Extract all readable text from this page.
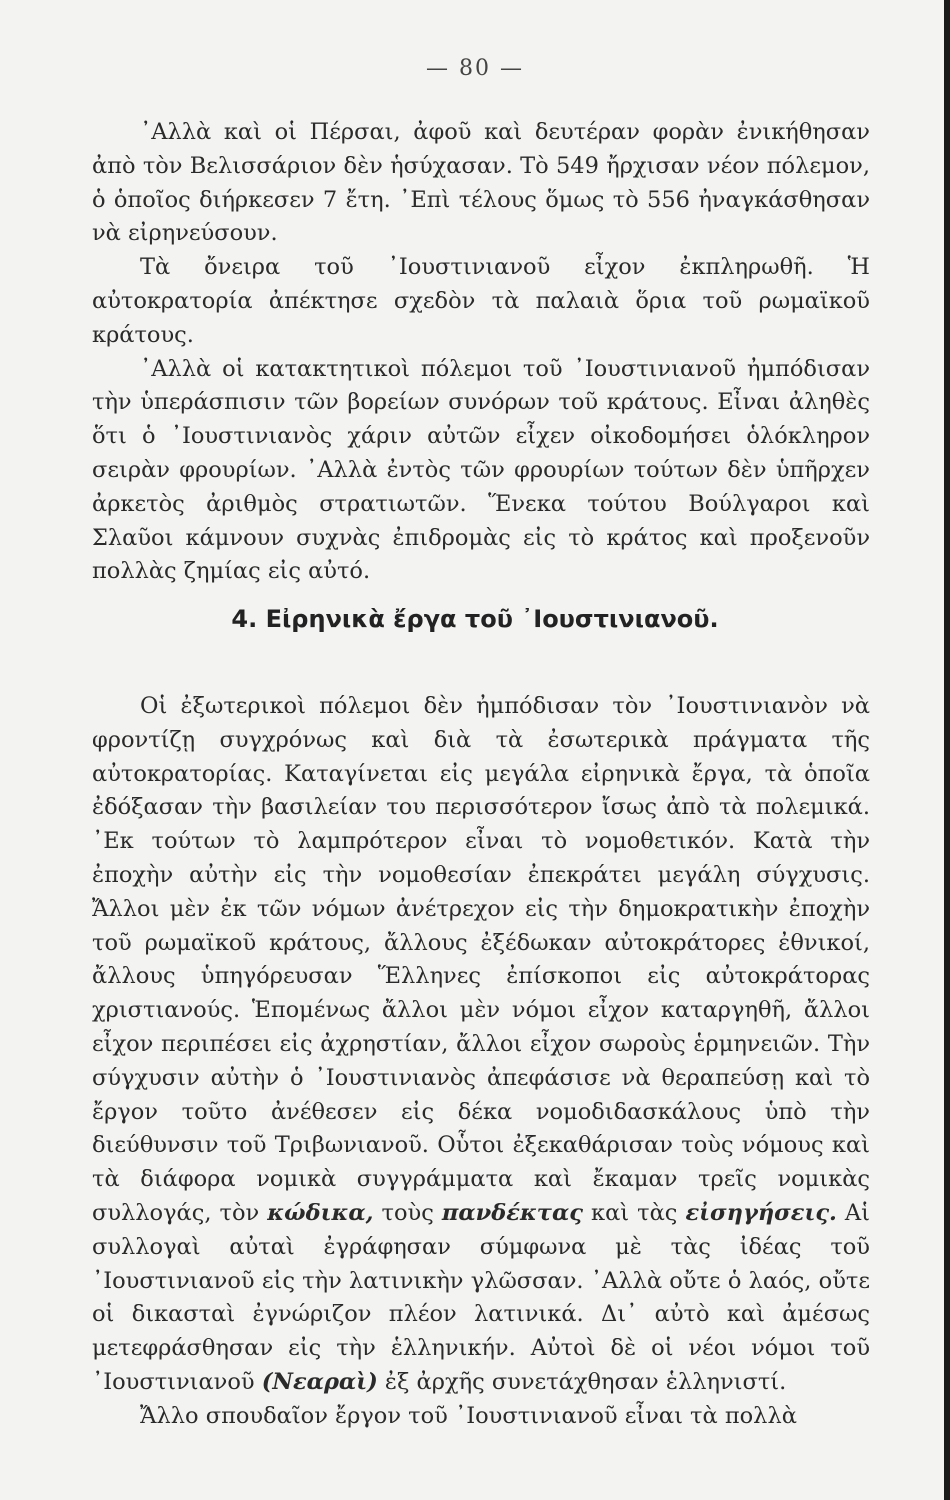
— 80 —

᾿Αλλὰ καὶ οἱ Πέρσαι, ἀφοῦ καὶ δευτέραν φορὰν ἐνικήθησαν ἀπὸ τὸν Βελισσάριον δὲν ἡσύχασαν. Τὸ 549 ἤρχισαν νέον πόλεμον, ὁ ὁποῖος διήρκεσεν 7 ἔτη. ᾿Επὶ τέλους ὅμως τὸ 556 ἠναγκάσθησαν νὰ εἰρηνεύσουν.

Τὰ ὄνειρα τοῦ ᾿Ιουστινιανοῦ εἶχον ἐκπληρωθῆ. Ἡ αὐτοκρατορία ἀπέκτησε σχεδὸν τὰ παλαιὰ ὅρια τοῦ ρωμαϊκοῦ κράτους.

᾿Αλλὰ οἱ κατακτητικοὶ πόλεμοι τοῦ ᾿Ιουστινιανοῦ ἠμπόδισαν τὴν ὑπεράσπισιν τῶν βορείων συνόρων τοῦ κράτους. Εἶναι ἀληθὲς ὅτι ὁ ᾿Ιουστινιανὸς χάριν αὐτῶν εἶχεν οἰκοδομήσει ὁλόκληρον σειρὰν φρουρίων. ᾿Αλλὰ ἐντὸς τῶν φρουρίων τούτων δὲν ὑπῆρχεν ἀρκετὸς ἀριθμὸς στρατιωτῶν. Ἕνεκα τούτου Βούλγαροι καὶ Σλαῦοι κάμνουν συχνὰς ἐπιδρομὰς εἰς τὸ κράτος καὶ προξενοῦν πολλὰς ζημίας εἰς αὐτό.

4. Εἰρηνικὰ ἔργα τοῦ ᾿Ιουστινιανοῦ.

Οἱ ἐξωτερικοὶ πόλεμοι δὲν ἠμπόδισαν τὸν ᾿Ιουστινιανὸν νὰ φροντίζῃ συγχρόνως καὶ διὰ τὰ ἐσωτερικὰ πράγματα τῆς αὐτοκρατορίας. Καταγίνεται εἰς μεγάλα εἰρηνικὰ ἔργα, τὰ ὁποῖα ἐδόξασαν τὴν βασιλείαν του περισσότερον ἴσως ἀπὸ τὰ πολεμικά. ᾿Εκ τούτων τὸ λαμπρότερον εἶναι τὸ νομοθετικόν. Κατὰ τὴν ἐποχὴν αὐτὴν εἰς τὴν νομοθεσίαν ἐπεκράτει μεγάλη σύγχυσις. Ἄλλοι μὲν ἐκ τῶν νόμων ἀνέτρεχον εἰς τὴν δημοκρατικὴν ἐποχὴν τοῦ ρωμαϊκοῦ κράτους, ἄλλους ἐξέδωκαν αὐτοκράτορες ἐθνικοί, ἄλλους ὑπηγόρευσαν Ἕλληνες ἐπίσκοποι εἰς αὐτοκράτορας χριστιανούς. Ἑπομένως ἄλλοι μὲν νόμοι εἶχον καταργηθῆ, ἄλλοι εἶχον περιπέσει εἰς ἀχρηστίαν, ἄλλοι εἶχον σωροὺς ἑρμηνειῶν. Τὴν σύγχυσιν αὐτὴν ὁ ᾿Ιουστινιανὸς ἀπεφάσισε νὰ θεραπεύσῃ καὶ τὸ ἔργον τοῦτο ἀνέθεσεν εἰς δέκα νομοδιδασκάλους ὑπὸ τὴν διεύθυνσιν τοῦ Τριβωνιανοῦ. Οὗτοι ἐξεκαθάρισαν τοὺς νόμους καὶ τὰ διάφορα νομικὰ συγγράμματα καὶ ἔκαμαν τρεῖς νομικὰς συλλογάς, τὸν κώδικα, τοὺς πανδέκτας καὶ τὰς εἰσηγήσεις. Αἱ συλλογαὶ αὐταὶ ἐγράφησαν σύμφωνα μὲ τὰς ἰδέας τοῦ ᾿Ιουστινιανοῦ εἰς τὴν λατινικὴν γλῶσσαν. ᾿Αλλὰ οὔτε ὁ λαός, οὔτε οἱ δικασταὶ ἐγνώριζον πλέον λατινικά. Δι᾿ αὐτὸ καὶ ἀμέσως μετεφράσθησαν εἰς τὴν ἑλληνικήν. Αὐτοὶ δὲ οἱ νέοι νόμοι τοῦ ᾿Ιουστινιανοῦ (Νεαραὶ) ἐξ ἀρχῆς συνετάχθησαν ἑλληνιστί.

Ἄλλο σπουδαῖον ἔργον τοῦ ᾿Ιουστινιανοῦ εἶναι τὰ πολλὰ
